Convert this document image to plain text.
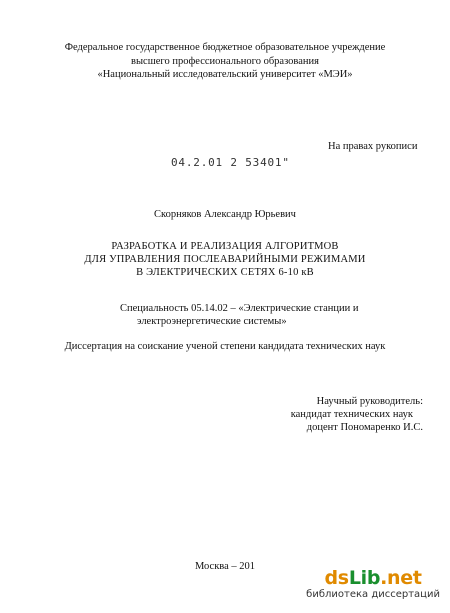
Федеральное государственное бюджетное образовательное учреждение
высшего профессионального образования
«Национальный исследовательский университет «МЭИ»
На правах рукописи
04.2.01 2 53401"
Скорняков Александр Юрьевич
РАЗРАБОТКА И РЕАЛИЗАЦИЯ АЛГОРИТМОВ
ДЛЯ УПРАВЛЕНИЯ ПОСЛЕАВАРИЙНЫМИ РЕЖИМАМИ
В ЭЛЕКТРИЧЕСКИХ СЕТЯХ 6-10 кВ
Специальность 05.14.02 – «Электрические станции и
электроэнергетические системы»
Диссертация на соискание ученой степени кандидата технических наук
Научный руководитель:
кандидат технических наук
доцент Пономаренко И.С.
Москва – 201
dsLib.net
библиотека диссертаций
